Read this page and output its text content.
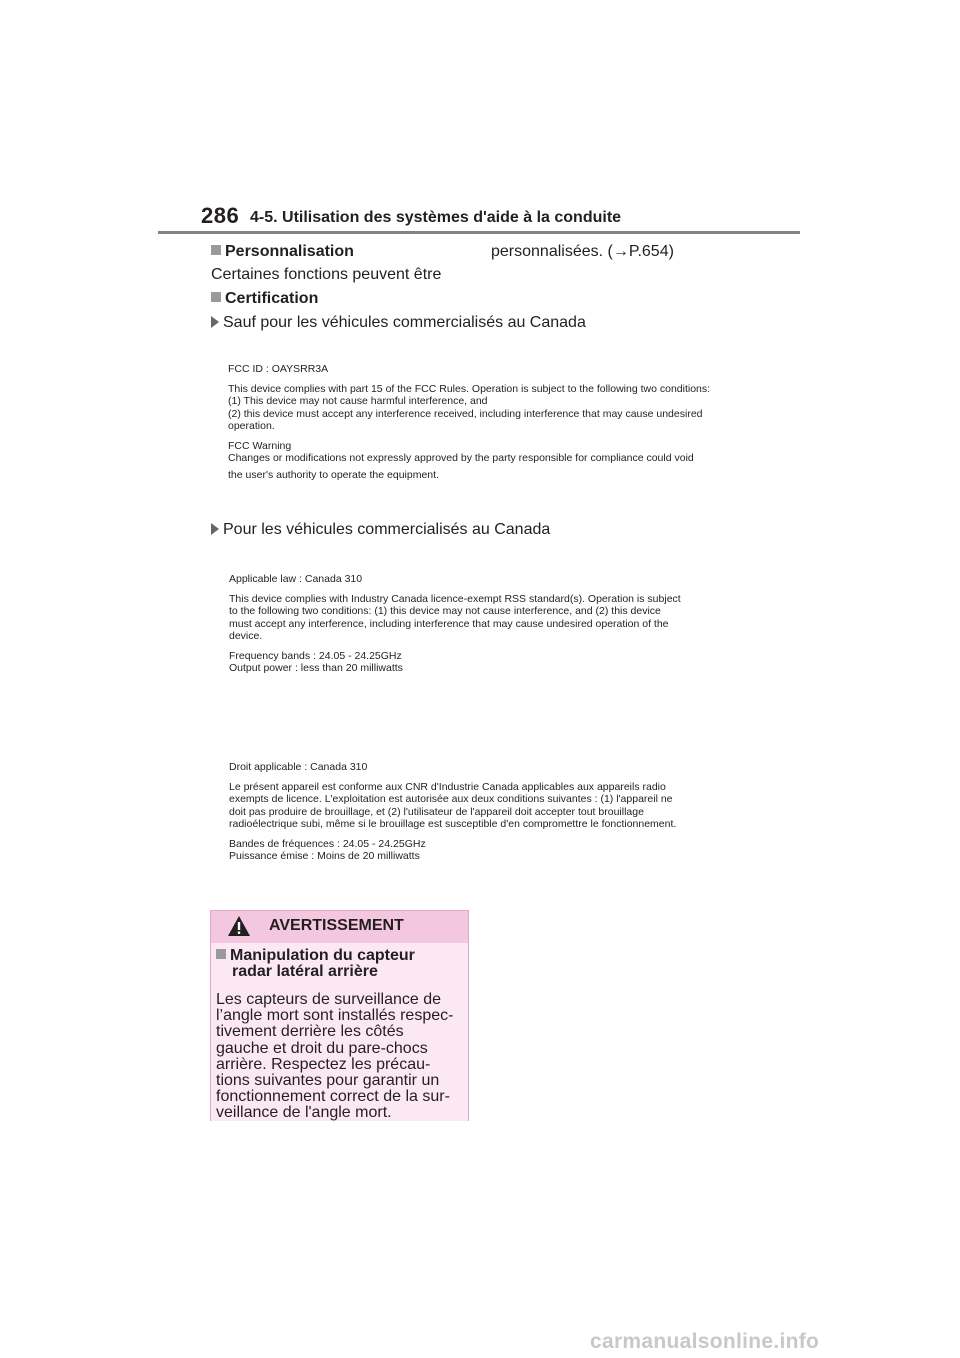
286 4-5. Utilisation des systèmes d'aide à la conduite
Personnalisation	personnalisées. (→P.654)
Certaines fonctions peuvent être
Certification
Sauf pour les véhicules commercialisés au Canada

FCC ID : OAYSRR3A

This device complies with part 15 of the FCC Rules. Operation is subject to the following two conditions:

(1) This device may not cause harmful interference, and

(2) this device must accept any interference received, including interference that may cause undesired

operation.

FCC Warning

Changes or modifications not expressly approved by the party responsible for compliance could void

the user's authority to operate the equipment.

Pour les véhicules commercialisés au Canada

Applicable law : Canada 310

This device complies with Industry Canada licence-exempt RSS standard(s). Operation is subject

to the following two conditions: (1) this device may not cause interference, and (2) this device

must accept any interference, including interference that may cause undesired operation of the

device.

Frequency bands : 24.05 - 24.25GHz

Output power : less than 20 milliwatts

Droit applicable : Canada 310

Le présent appareil est conforme aux CNR d'Industrie Canada applicables aux appareils radio

exempts de licence. L'exploitation est autorisée aux deux conditions suivantes : (1) l'appareil ne

doit pas produire de brouillage, et (2) l'utilisateur de l'appareil doit accepter tout brouillage

radioélectrique subi, même si le brouillage est susceptible d'en compromettre le fonctionnement.

Bandes de fréquences : 24.05 - 24.25GHz

Puissance émise : Moins de 20 milliwatts

AVERTISSEMENT
Manipulation du capteur
radar latéral arrière
Les capteurs de surveillance de
l’angle mort sont installés respec-
tivement derrière les côtés
gauche et droit du pare-chocs
arrière. Respectez les précau-
tions suivantes pour garantir un
fonctionnement correct de la sur-
veillance de l'angle mort.
carmanualsonline.info
